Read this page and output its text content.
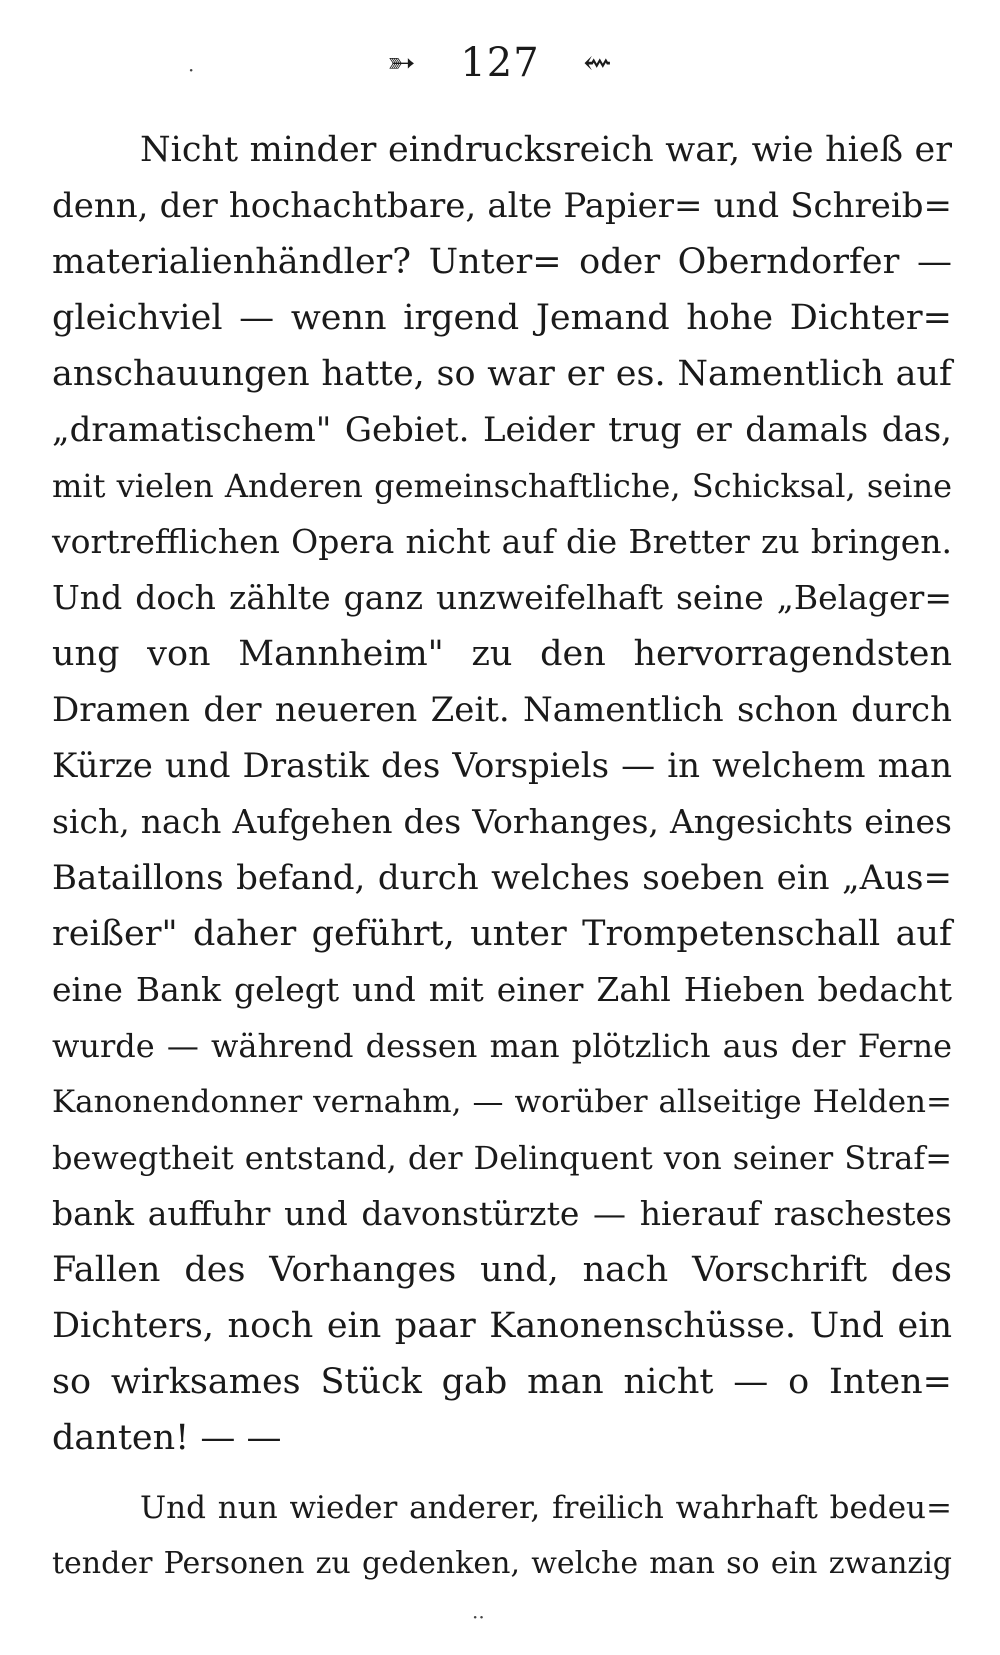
➳ 127 ⇜
·
··
Nicht minder eindrucksreich war, wie hieß er
denn, der hochachtbare, alte Papier= und Schreib=
materialienhändler? Unter= oder Oberndorfer —
gleichviel — wenn irgend Jemand hohe Dichter=
anschauungen hatte, so war er es. Namentlich auf
„dramatischem" Gebiet. Leider trug er damals das,
mit vielen Anderen gemeinschaftliche, Schicksal, seine
vortrefflichen Opera nicht auf die Bretter zu bringen.
Und doch zählte ganz unzweifelhaft seine „Belager=
ung von Mannheim" zu den hervorragendsten
Dramen der neueren Zeit. Namentlich schon durch
Kürze und Drastik des Vorspiels — in welchem man
sich, nach Aufgehen des Vorhanges, Angesichts eines
Bataillons befand, durch welches soeben ein „Aus=
reißer" daher geführt, unter Trompetenschall auf
eine Bank gelegt und mit einer Zahl Hieben bedacht
wurde — während dessen man plötzlich aus der Ferne
Kanonendonner vernahm, — worüber allseitige Helden=
bewegtheit entstand, der Delinquent von seiner Straf=
bank auffuhr und davonstürzte — hierauf raschestes
Fallen des Vorhanges und, nach Vorschrift des
Dichters, noch ein paar Kanonenschüsse. Und ein
so wirksames Stück gab man nicht — o Inten=
danten! — —
Und nun wieder anderer, freilich wahrhaft bedeu=
tender Personen zu gedenken, welche man so ein zwanzig
